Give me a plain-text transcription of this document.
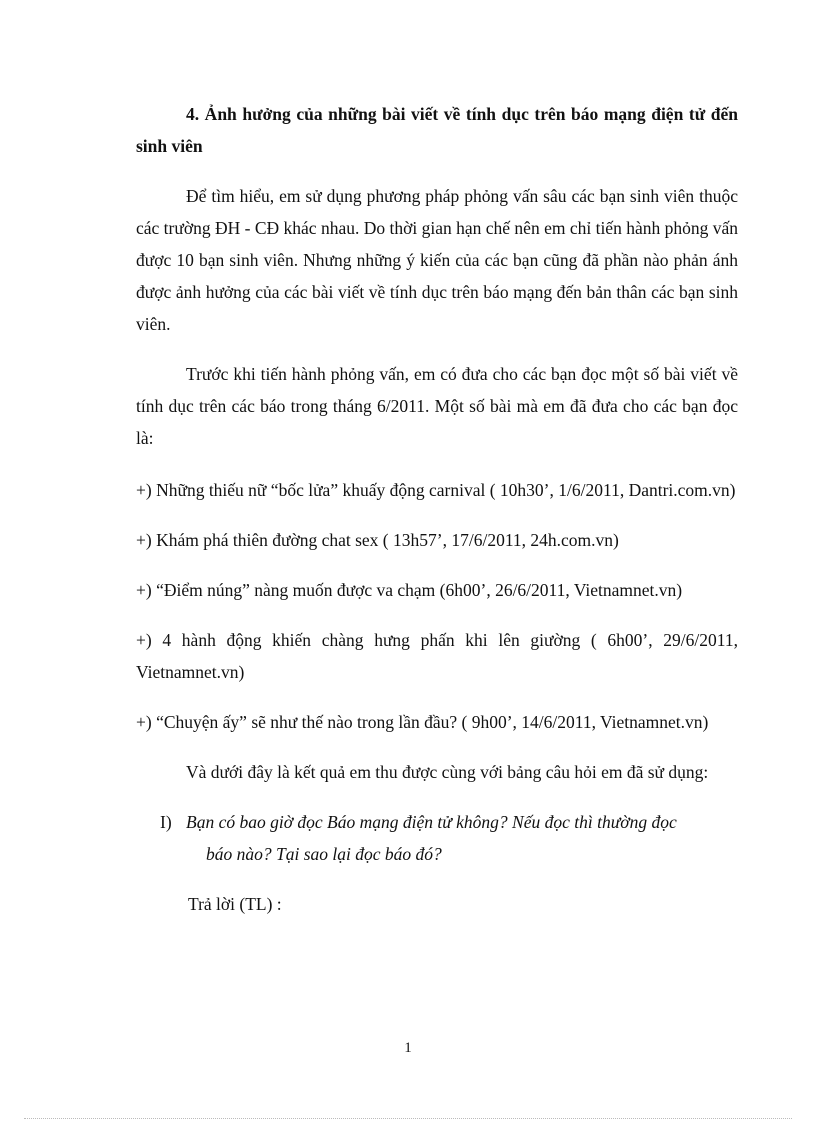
4. Ảnh hưởng của những bài viết về tính dục trên báo mạng điện tử đến sinh viên

Để tìm hiểu, em sử dụng phương pháp phỏng vấn sâu các bạn sinh viên thuộc các trường ĐH - CĐ khác nhau. Do thời gian hạn chế nên em chỉ tiến hành phỏng vấn được 10 bạn sinh viên. Nhưng những ý kiến của các bạn cũng đã phần nào phản ánh được ảnh hưởng của các bài viết về tính dục trên báo mạng đến bản thân các bạn sinh viên.

Trước khi tiến hành phỏng vấn, em có đưa cho các bạn đọc một số bài viết về tính dục trên các báo trong tháng 6/2011. Một số bài mà em đã đưa cho các bạn đọc là:

+) Những thiếu nữ “bốc lửa” khuấy động carnival ( 10h30’, 1/6/2011, Dantri.com.vn)

+) Khám phá thiên đường chat sex ( 13h57’, 17/6/2011, 24h.com.vn)

+) “Điểm núng” nàng muốn được va chạm (6h00’, 26/6/2011, Vietnamnet.vn)

+) 4 hành động khiến chàng hưng phấn khi lên giường ( 6h00’, 29/6/2011, Vietnamnet.vn)

+) “Chuyện ấy” sẽ như thế nào trong lần đầu? ( 9h00’, 14/6/2011, Vietnamnet.vn)

Và dưới đây là kết quả em thu được cùng với bảng câu hỏi em đã sử dụng:

I) Bạn có bao giờ đọc Báo mạng điện tử không? Nếu đọc thì thường đọc
báo nào? Tại sao lại đọc báo đó?

Trả lời (TL) :

1
